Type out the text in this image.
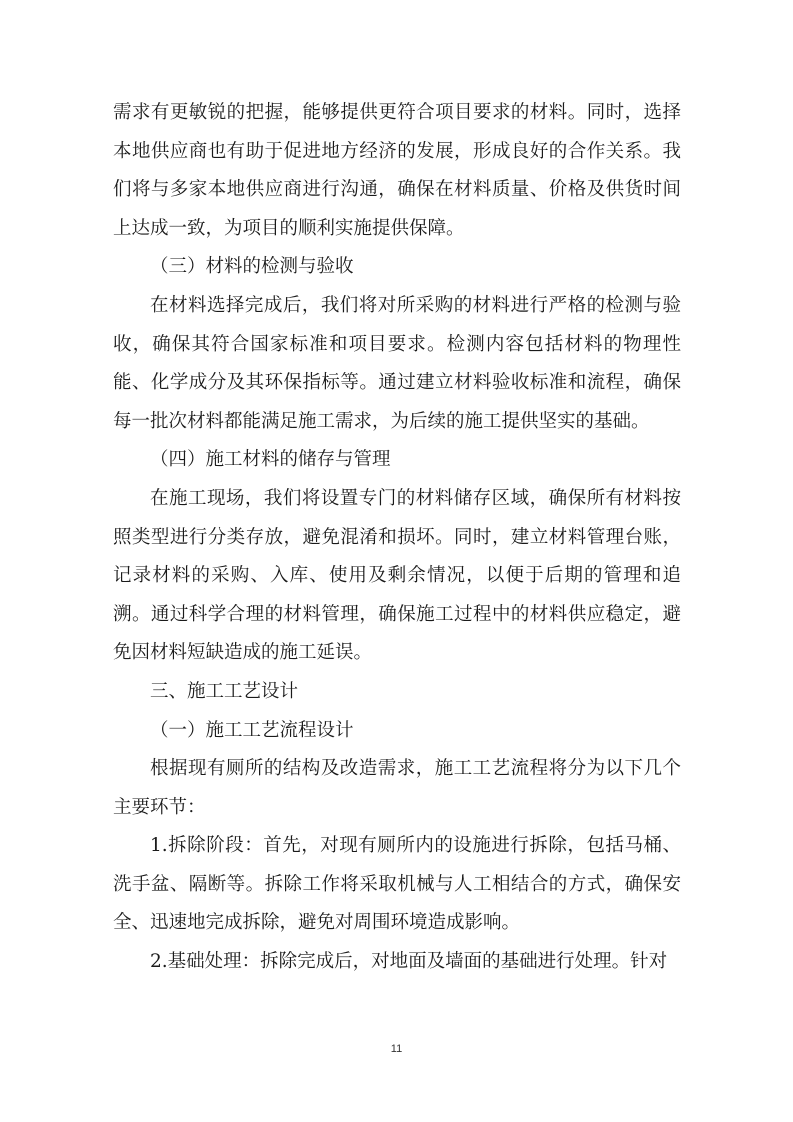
需求有更敏锐的把握，能够提供更符合项目要求的材料。同时，选择本地供应商也有助于促进地方经济的发展，形成良好的合作关系。我们将与多家本地供应商进行沟通，确保在材料质量、价格及供货时间上达成一致，为项目的顺利实施提供保障。

（三）材料的检测与验收

在材料选择完成后，我们将对所采购的材料进行严格的检测与验收，确保其符合国家标准和项目要求。检测内容包括材料的物理性能、化学成分及其环保指标等。通过建立材料验收标准和流程，确保每一批次材料都能满足施工需求，为后续的施工提供坚实的基础。

（四）施工材料的储存与管理

在施工现场，我们将设置专门的材料储存区域，确保所有材料按照类型进行分类存放，避免混淆和损坏。同时，建立材料管理台账，记录材料的采购、入库、使用及剩余情况，以便于后期的管理和追溯。通过科学合理的材料管理，确保施工过程中的材料供应稳定，避免因材料短缺造成的施工延误。

三、施工工艺设计

（一）施工工艺流程设计

根据现有厕所的结构及改造需求，施工工艺流程将分为以下几个主要环节：

1.拆除阶段：首先，对现有厕所内的设施进行拆除，包括马桶、洗手盆、隔断等。拆除工作将采取机械与人工相结合的方式，确保安全、迅速地完成拆除，避免对周围环境造成影响。

2.基础处理：拆除完成后，对地面及墙面的基础进行处理。针对

11
